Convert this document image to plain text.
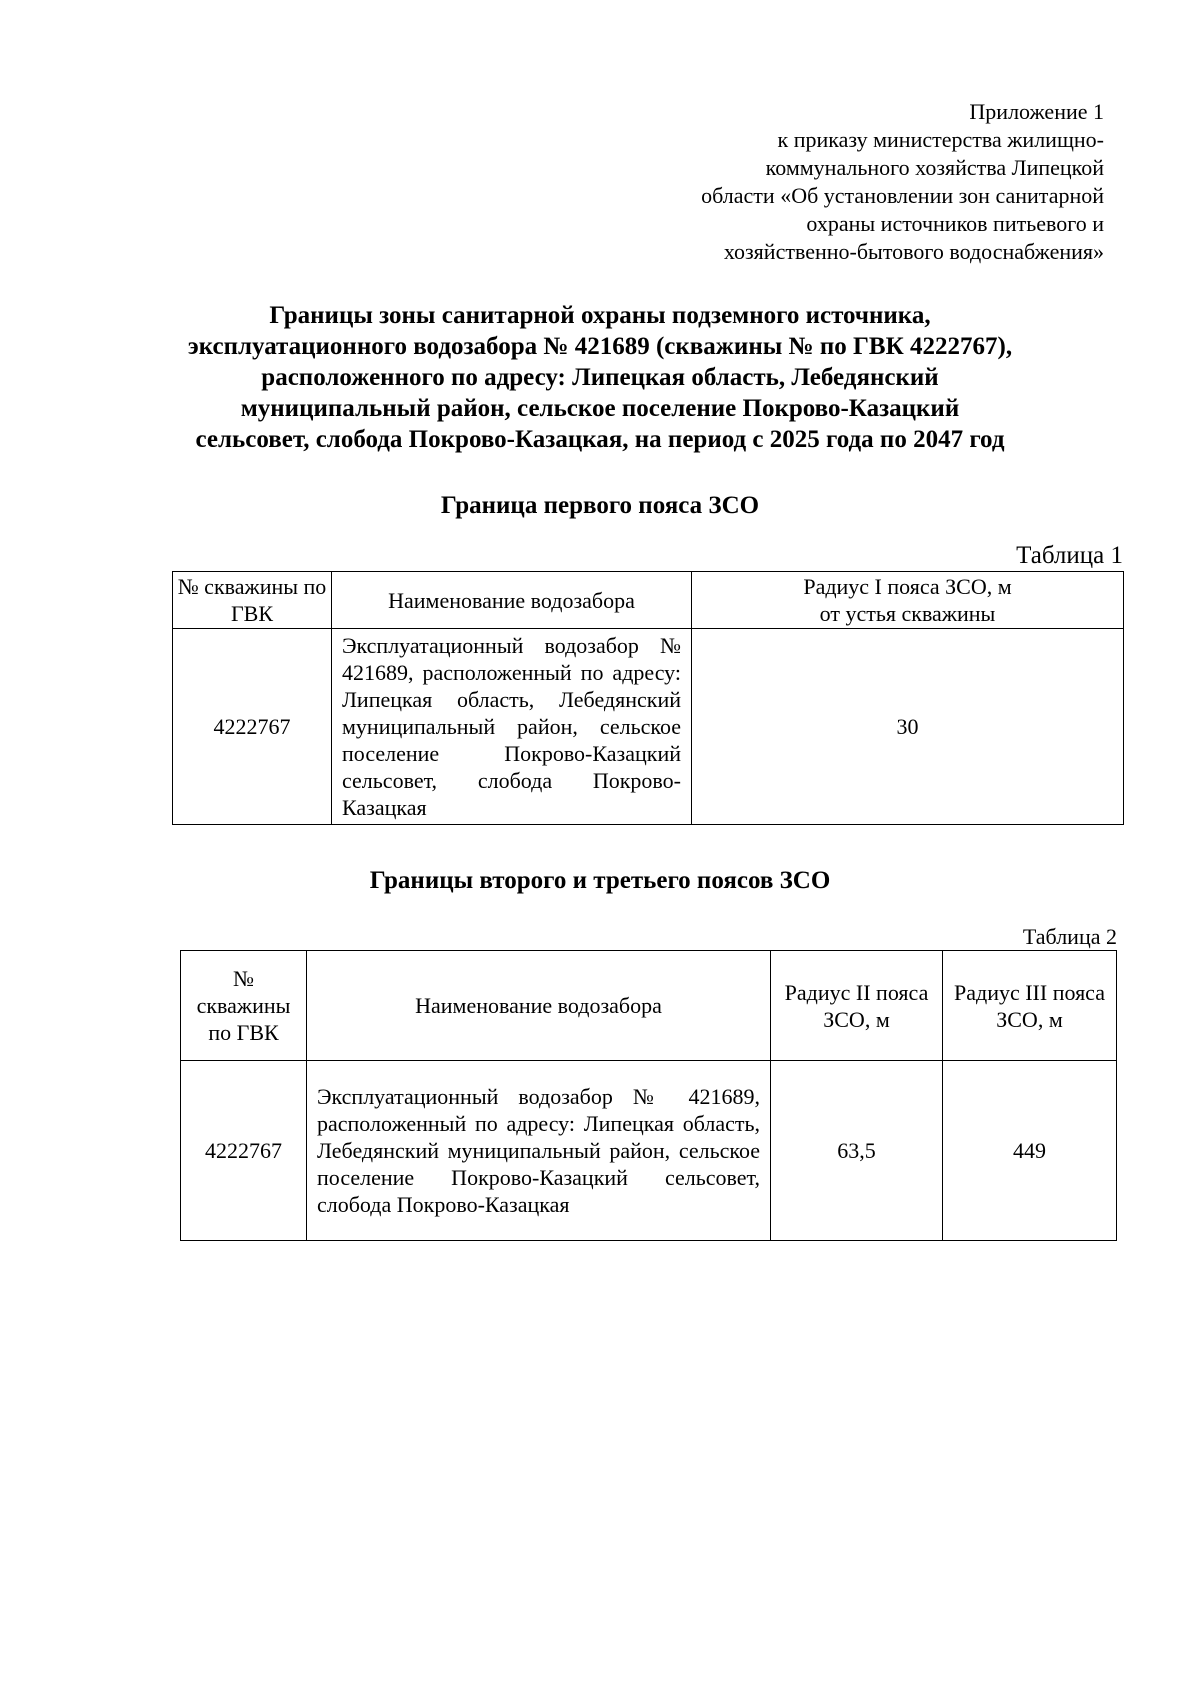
Приложение 1
к приказу министерства жилищно-
коммунального хозяйства Липецкой
области «Об установлении зон санитарной
охраны источников питьевого и
хозяйственно-бытового водоснабжения»
Границы зоны санитарной охраны подземного источника,
эксплуатационного водозабора № 421689 (скважины № по ГВК 4222767),
расположенного по адресу: Липецкая область, Лебедянский
муниципальный район, сельское поселение Покрово-Казацкий
сельсовет, слобода Покрово-Казацкая, на период с 2025 года по 2047 год
Граница первого пояса ЗСО
Таблица 1
№ скважины по ГВК	Наименование водозабора	Радиус I пояса ЗСО, м от устья скважины
4222767	Эксплуатационный водозабор № 421689, расположенный по адресу: Липецкая область, Лебедянский муниципальный район, сельское поселение Покрово-Казацкий сельсовет, слобода Покрово-Казацкая	30
Границы второго и третьего поясов ЗСО
Таблица 2
№ скважины по ГВК	Наименование водозабора	Радиус II пояса ЗСО, м	Радиус III пояса ЗСО, м
4222767	Эксплуатационный водозабор № 421689, расположенный по адресу: Липецкая область, Лебедянский муниципальный район, сельское поселение Покрово-Казацкий сельсовет, слобода Покрово-Казацкая	63,5	449
